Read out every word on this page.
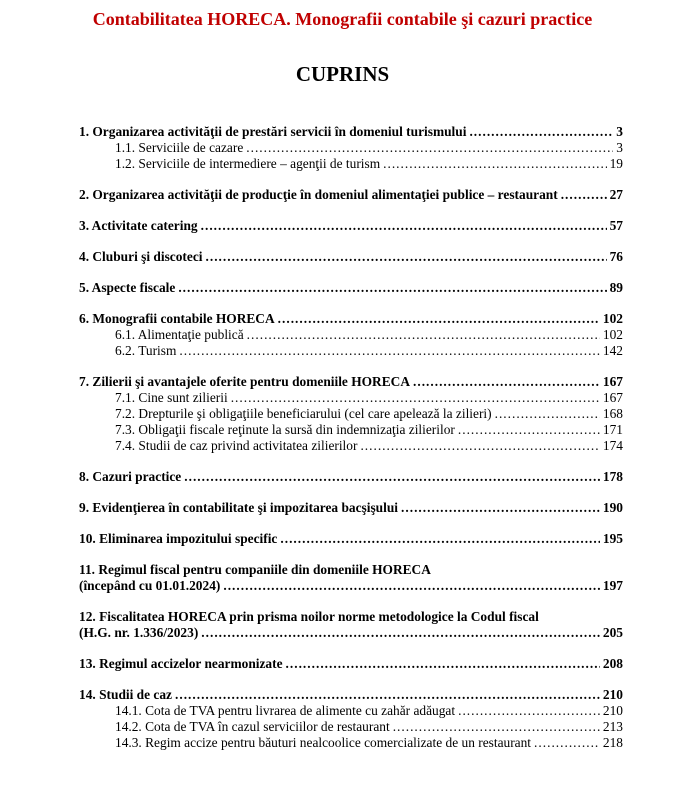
Contabilitatea HORECA. Monografii contabile şi cazuri practice
CUPRINS
1. Organizarea activităţii de prestări servicii în domeniul turismului .....	3
1.1. Serviciile de cazare .....	3
1.2. Serviciile de intermediere – agenţii de turism .....	19
2. Organizarea activităţii de producţie în domeniul alimentaţiei publice – restaurant .....	27
3. Activitate catering .....	57
4. Cluburi şi discoteci .....	76
5. Aspecte fiscale .....	89
6. Monografii contabile HORECA .....	102
6.1. Alimentaţie publică .....	102
6.2. Turism .....	142
7. Zilierii şi avantajele oferite pentru domeniile HORECA .....	167
7.1. Cine sunt zilierii .....	167
7.2. Drepturile şi obligaţiile beneficiarului (cel care apelează la zilieri) .....	168
7.3. Obligaţii fiscale reţinute la sursă din indemnizaţia zilierilor .....	171
7.4. Studii de caz privind activitatea zilierilor .....	174
8. Cazuri practice .....	178
9. Evidenţierea în contabilitate şi impozitarea bacşişului .....	190
10. Eliminarea impozitului specific .....	195
11. Regimul fiscal pentru companiile din domeniile HORECA
(începând cu 01.01.2024) .....	197
12. Fiscalitatea HORECA prin prisma noilor norme metodologice la Codul fiscal
(H.G. nr. 1.336/2023) .....	205
13. Regimul accizelor nearmonizate .....	208
14. Studii de caz .....	210
14.1. Cota de TVA pentru livrarea de alimente cu zahăr adăugat .....	210
14.2. Cota de TVA în cazul serviciilor de restaurant .....	213
14.3. Regim accize pentru băuturi nealcoolice comercializate de un restaurant .....	218
